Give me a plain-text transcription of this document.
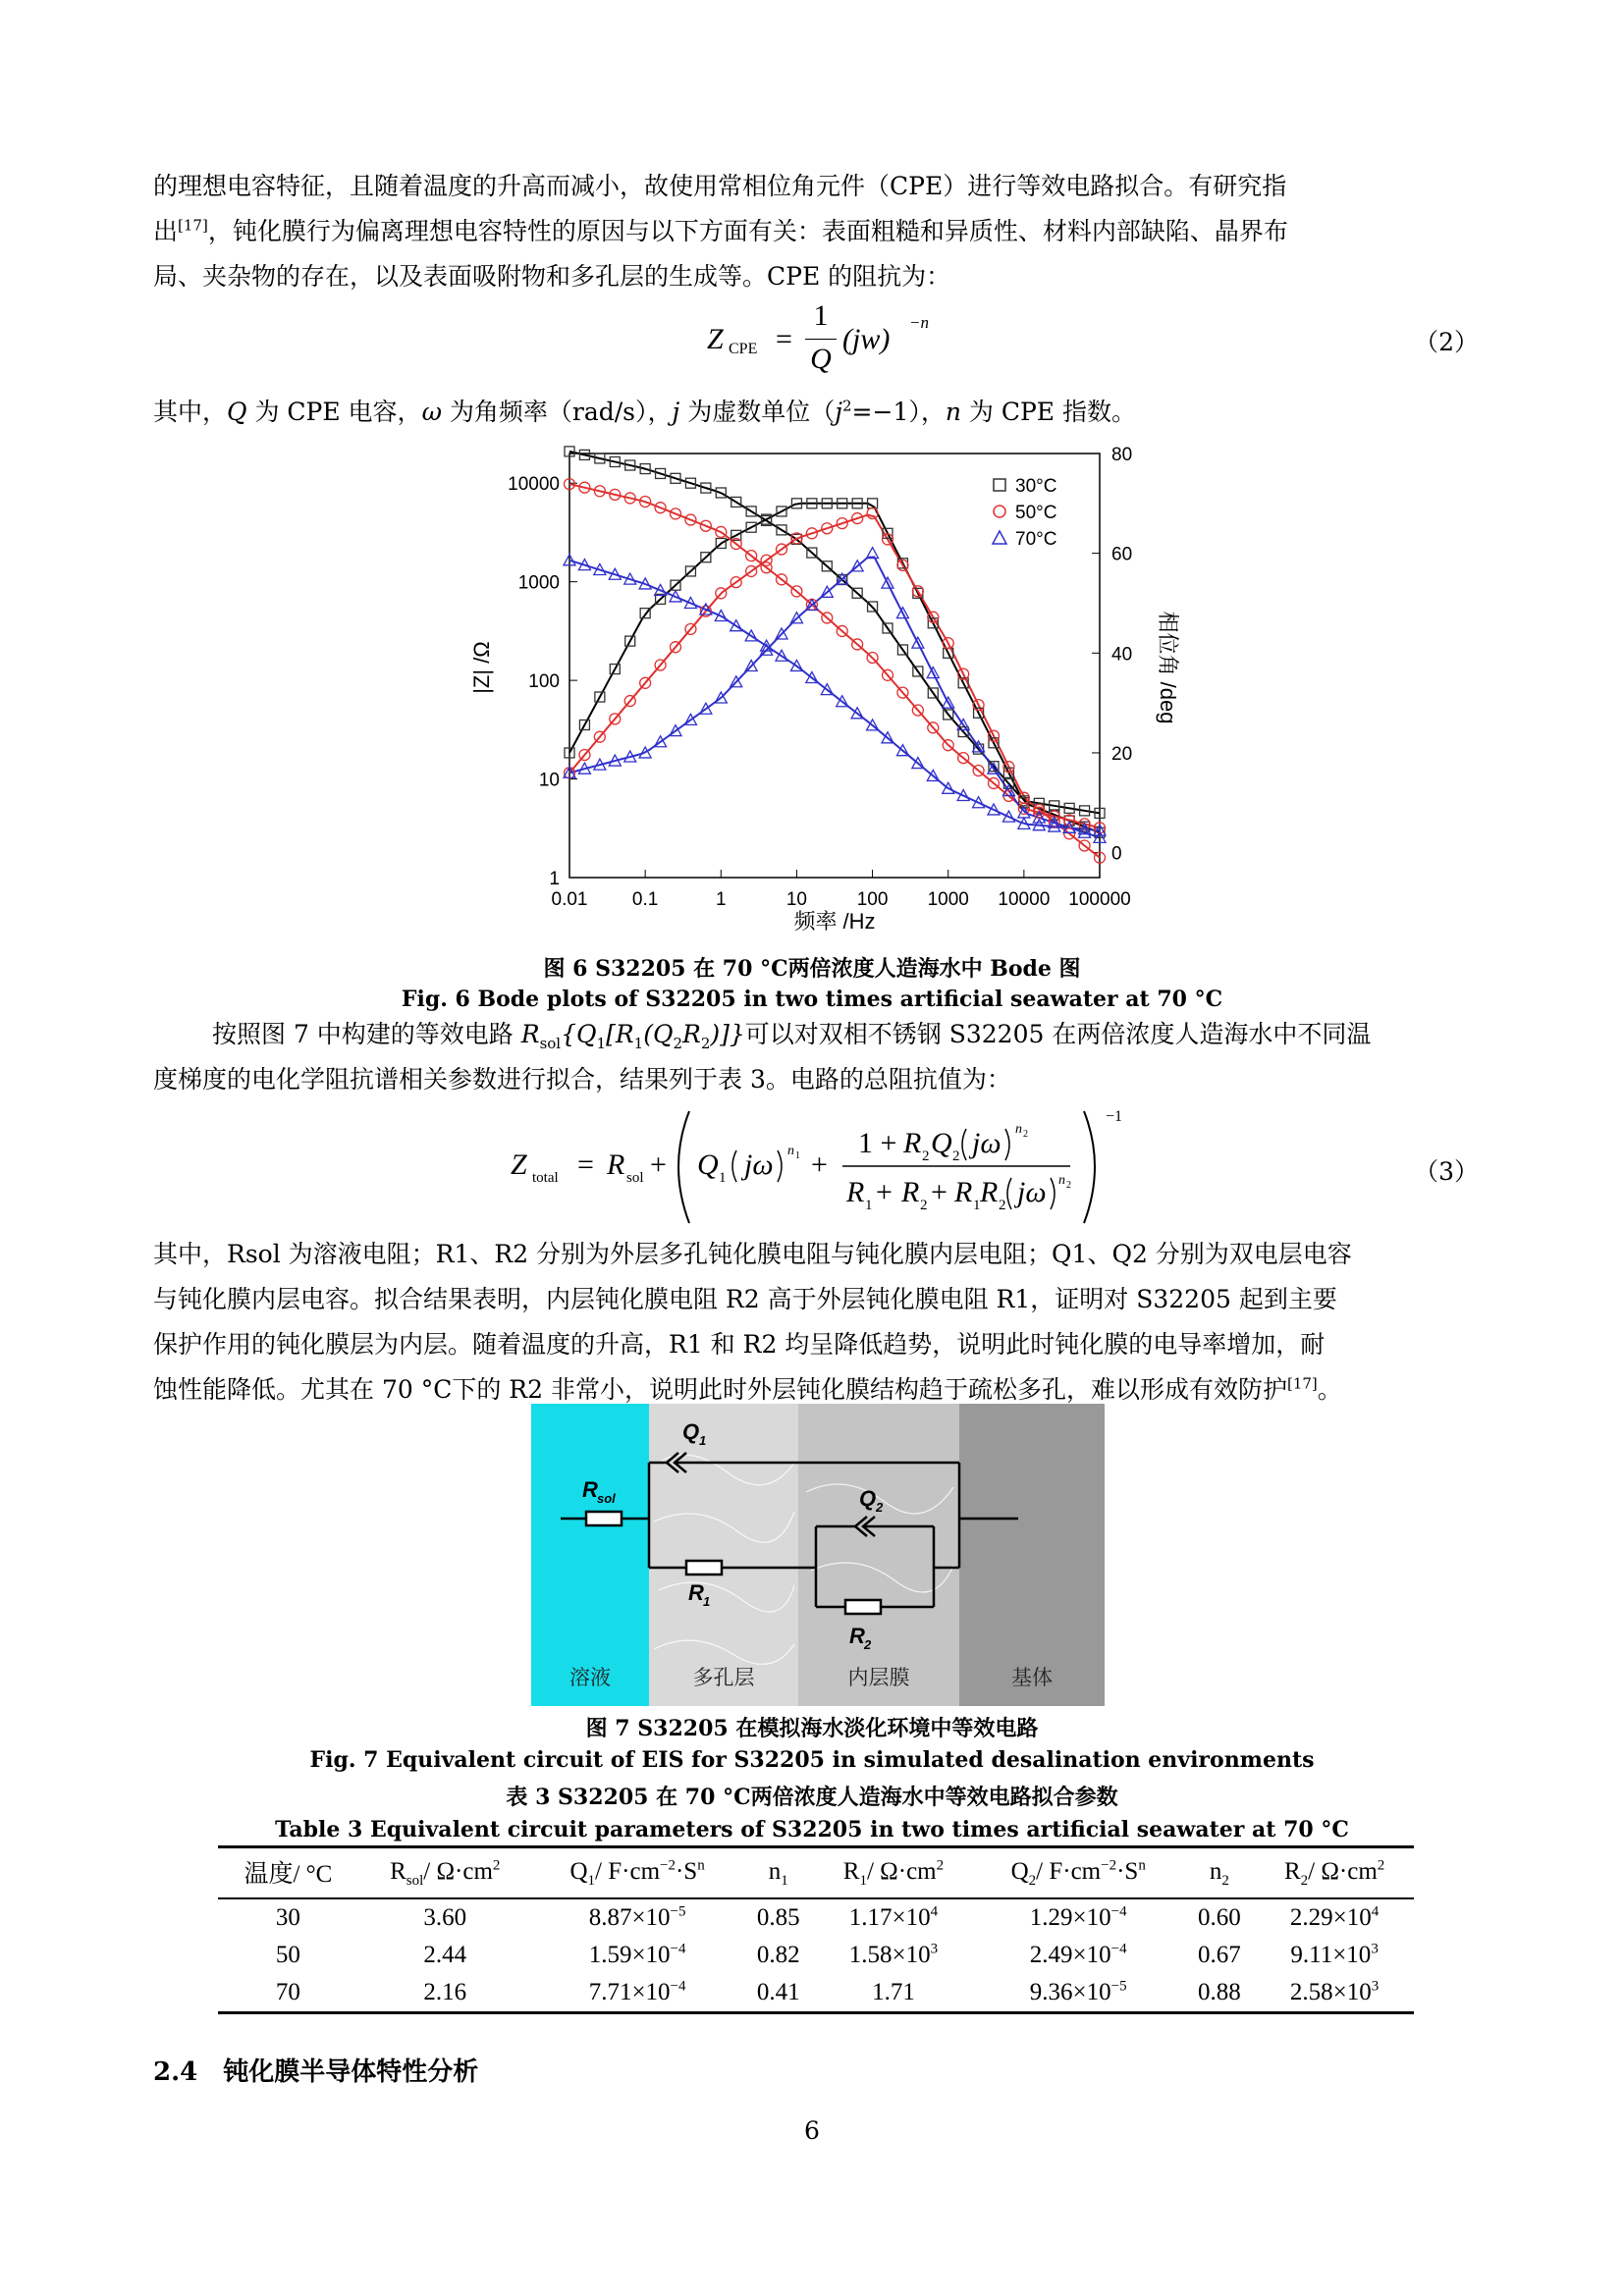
的理想电容特征，且随着温度的升高而减小，故使用常相位角元件（CPE）进行等效电路拟合。有研究指
出[17]，钝化膜行为偏离理想电容特性的原因与以下方面有关：表面粗糙和异质性、材料内部缺陷、晶界布
局、夹杂物的存在，以及表面吸附物和多孔层的生成等。CPE 的阻抗为：
Z CPE =
1
Q
(jw)
−n
（2）
其中，Q 为 CPE 电容，ω 为角频率（rad/s），j 为虚数单位$(j^2=-1)$，n 为 CPE 指数。
0.01 0.1	1	10	100 1000 10000 100000
1
10
100
1000
10000
0
20
40
60
80
30°C
50°C
70°C
频率 /Hz
|Z| /Ω	相位角 /deg
图 6 S32205 在 70 °C两倍浓度人造海水中 Bode 图
Fig. 6 Bode plots of S32205 in two times artificial seawater at 70 °C
按照图 7 中构建的等效电路 $R_{sol}\{Q_1[R_1(Q_2R_2)]\}$可以对双相不锈钢 S32205 在两倍浓度人造海水中不同温
度梯度的电化学阻抗谱相关参数进行拟合，结果列于表 3。电路的总阻抗值为：
Z total = R sol + Q 1 jω n 1 +
1 + R 2 Q 2 jω n 2
R 1 + R 2 + R 1 R 2 jω n 2
−1
（3）
其中，Rsol 为溶液电阻；R1、R2 分别为外层多孔钝化膜电阻与钝化膜内层电阻；Q1、Q2 分别为双电层电容
与钝化膜内层电容。拟合结果表明，内层钝化膜电阻 R2 高于外层钝化膜电阻 R1，证明对 S32205 起到主要
保护作用的钝化膜层为内层。随着温度的升高，R1 和 R2 均呈降低趋势，说明此时钝化膜的电导率增加，耐
蚀性能降低。尤其在 70 °C下的 R2 非常小，说明此时外层钝化膜结构趋于疏松多孔，难以形成有效防护[17]。
R sol
Q 1
Q 2
R 1
R 2
溶液	多孔层	内层膜	基体
图 7 S32205 在模拟海水淡化环境中等效电路
Fig. 7 Equivalent circuit of EIS for S32205 in simulated desalination environments
表 3 S32205 在 70 °C两倍浓度人造海水中等效电路拟合参数
Table 3 Equivalent circuit parameters of S32205 in two times artificial seawater at 70 °C
温度/ °C	$R_{sol}/$ $\Omega\cdot cm^2$	$Q_1/$ $F\cdot cm^{-2}\cdot S^n$	$n_1$	$R_1/$ $\Omega\cdot cm^2$	$Q_2/$ $F\cdot cm^{-2}\cdot S^n$	$n_2$	$R_2/$ $\Omega\cdot cm^2$
30	3.60	$8.87\times 10^{-5}$	0.85	$1.17\times 10^4$	$1.29\times 10^{-4}$	0.60	$2.29\times 10^4$
50	2.44	$1.59\times 10^{-4}$	0.82	$1.58\times 10^3$	$2.49\times 10^{-4}$	0.67	$9.11\times 10^3$
70	2.16	$7.71\times 10^{-4}$	0.41	1.71	$9.36\times 10^{-5}$	0.88	$2.58\times 10^3$
2.4　钝化膜半导体特性分析
6
